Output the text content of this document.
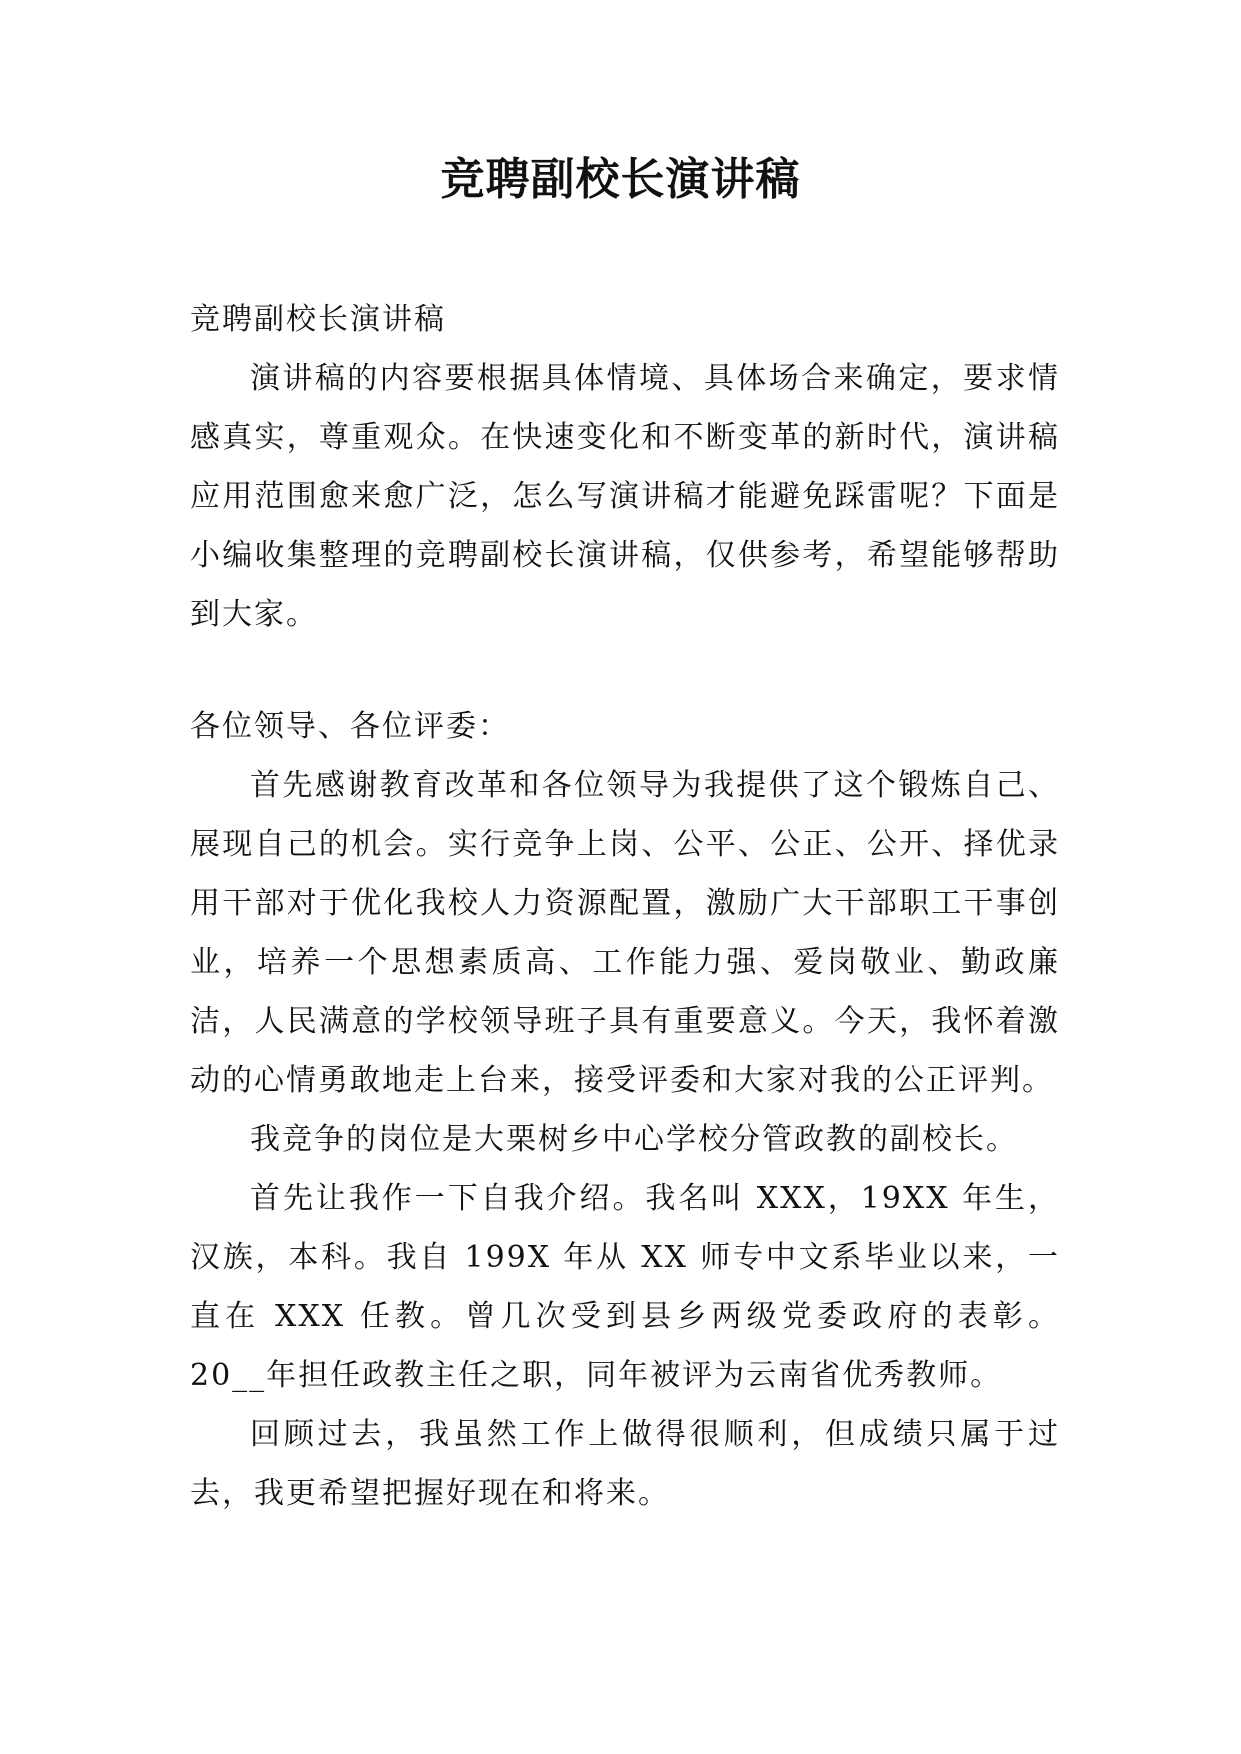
竞聘副校长演讲稿

竞聘副校长演讲稿

演讲稿的内容要根据具体情境、具体场合来确定，要求情感真实，尊重观众。在快速变化和不断变革的新时代，演讲稿应用范围愈来愈广泛，怎么写演讲稿才能避免踩雷呢？下面是小编收集整理的竞聘副校长演讲稿，仅供参考，希望能够帮助到大家。

各位领导、各位评委：

首先感谢教育改革和各位领导为我提供了这个锻炼自己、展现自己的机会。实行竞争上岗、公平、公正、公开、择优录用干部对于优化我校人力资源配置，激励广大干部职工干事创业，培养一个思想素质高、工作能力强、爱岗敬业、勤政廉洁，人民满意的学校领导班子具有重要意义。今天，我怀着激动的心情勇敢地走上台来，接受评委和大家对我的公正评判。

我竞争的岗位是大栗树乡中心学校分管政教的副校长。

首先让我作一下自我介绍。我名叫 XXX，19XX 年生，汉族，本科。我自 199X 年从 XX 师专中文系毕业以来，一直在 XXX 任教。曾几次受到县乡两级党委政府的表彰。20__年担任政教主任之职，同年被评为云南省优秀教师。

回顾过去，我虽然工作上做得很顺利，但成绩只属于过去，我更希望把握好现在和将来。
